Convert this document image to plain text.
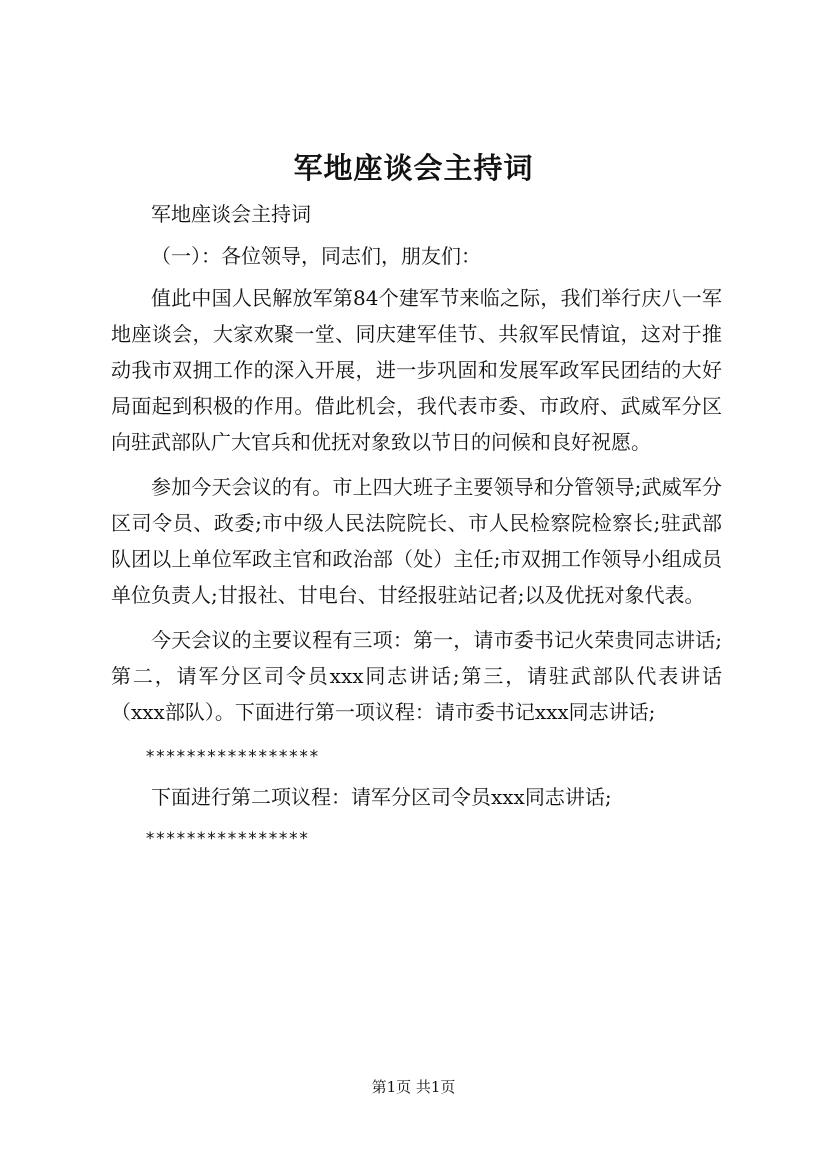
军地座谈会主持词

军地座谈会主持词

（一）：各位领导，同志们，朋友们：

值此中国人民解放军第84个建军节来临之际，我们举行庆八一军地座谈会，大家欢聚一堂、同庆建军佳节、共叙军民情谊，这对于推动我市双拥工作的深入开展，进一步巩固和发展军政军民团结的大好局面起到积极的作用。借此机会，我代表市委、市政府、武威军分区向驻武部队广大官兵和优抚对象致以节日的问候和良好祝愿。

参加今天会议的有。市上四大班子主要领导和分管领导;武威军分区司令员、政委;市中级人民法院院长、市人民检察院检察长;驻武部队团以上单位军政主官和政治部（处）主任;市双拥工作领导小组成员单位负责人;甘报社、甘电台、甘经报驻站记者;以及优抚对象代表。

今天会议的主要议程有三项：第一，请市委书记火荣贵同志讲话;第二，请军分区司令员xxx同志讲话;第三，请驻武部队代表讲话（xxx部队）。下面进行第一项议程：请市委书记xxx同志讲话;

*****************

下面进行第二项议程：请军分区司令员xxx同志讲话;

****************

第1页 共1页
